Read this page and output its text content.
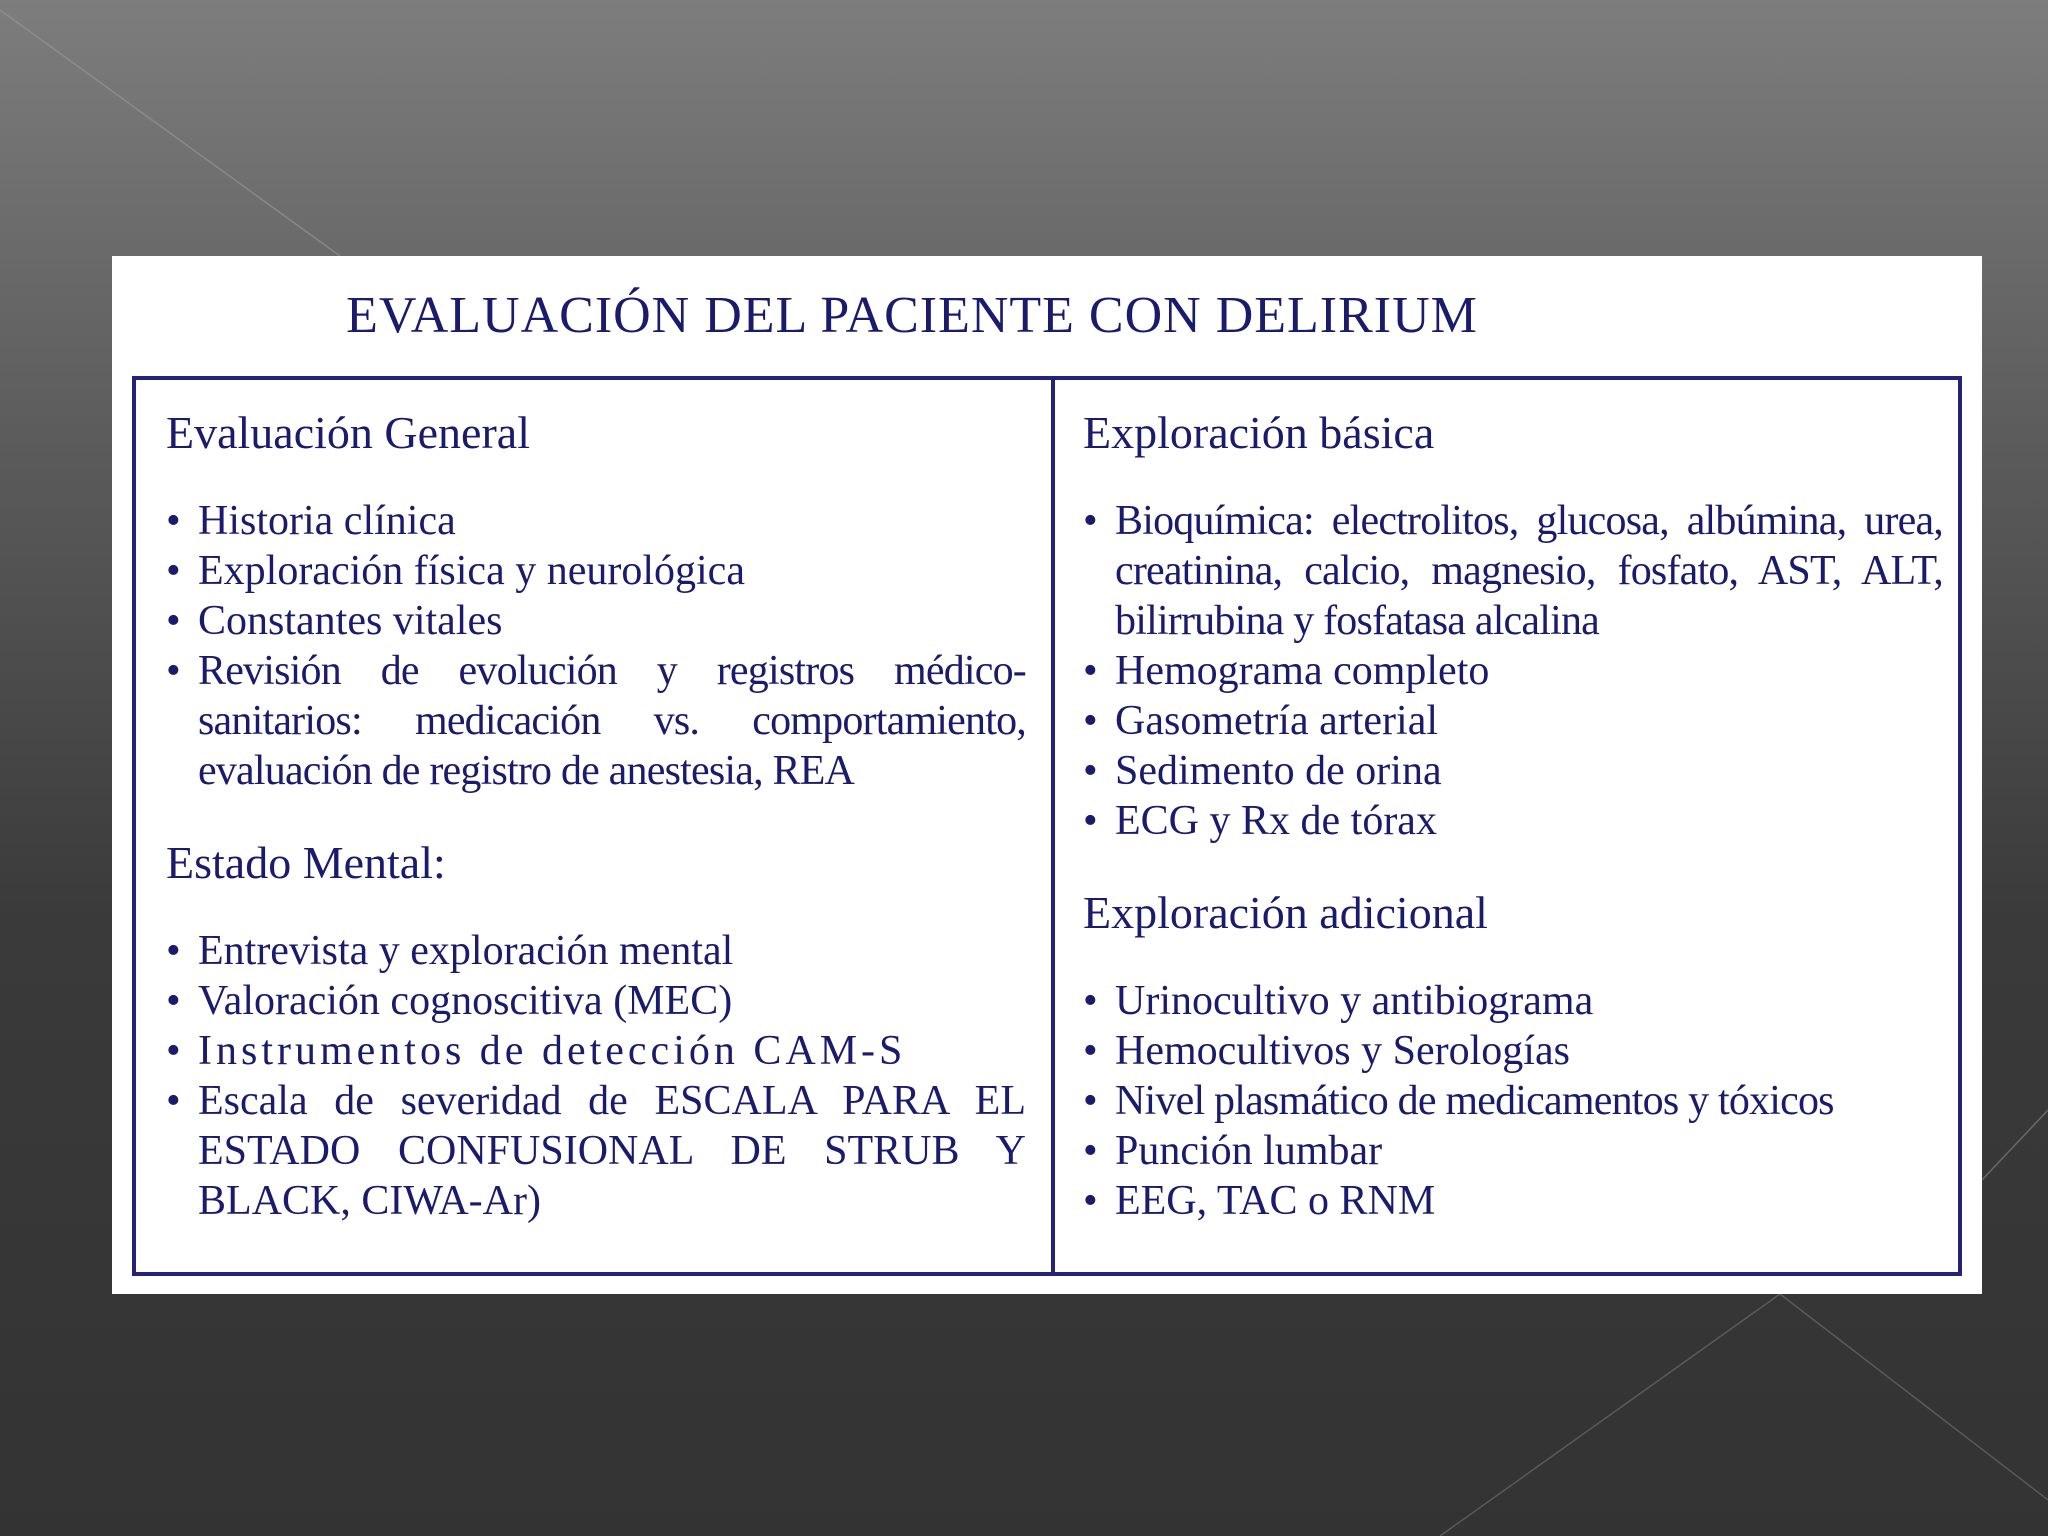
EVALUACIÓN DEL PACIENTE CON DELIRIUM
Evaluación General
• Historia clínica
• Exploración física y neurológica
• Constantes vitales
• Revisión de evolución y registros médico-sanitarios: medicación vs. comportamiento, evaluación de registro de anestesia, REA
Estado Mental:
• Entrevista y exploración mental
• Valoración cognoscitiva (MEC)
• Instrumentos de detección CAM-S
• Escala de severidad de ESCALA PARA EL ESTADO CONFUSIONAL DE STRUB Y BLACK, CIWA-Ar)
Exploración básica
• Bioquímica: electrolitos, glucosa, albúmina, urea, creatinina, calcio, magnesio, fosfato, AST, ALT, bilirrubina y fosfatasa alcalina
• Hemograma completo
• Gasometría arterial
• Sedimento de orina
• ECG y Rx de tórax
Exploración adicional
• Urinocultivo y antibiograma
• Hemocultivos y Serologías
• Nivel plasmático de medicamentos y tóxicos
• Punción lumbar
• EEG, TAC o RNM
